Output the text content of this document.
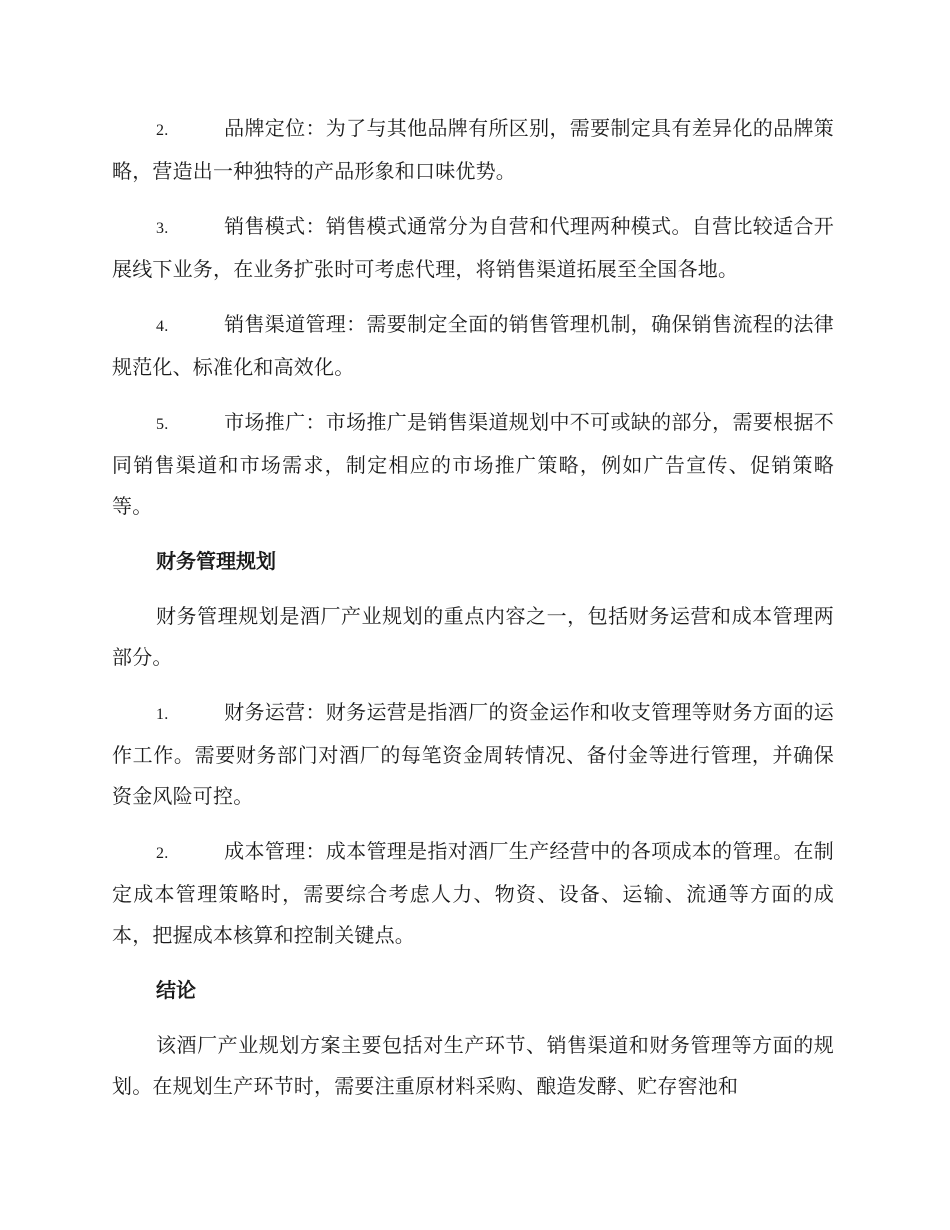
2.	品牌定位：为了与其他品牌有所区别，需要制定具有差异化的品牌策略，营造出一种独特的产品形象和口味优势。

3.	销售模式：销售模式通常分为自营和代理两种模式。自营比较适合开展线下业务，在业务扩张时可考虑代理，将销售渠道拓展至全国各地。

4.	销售渠道管理：需要制定全面的销售管理机制，确保销售流程的法律规范化、标准化和高效化。

5.	市场推广：市场推广是销售渠道规划中不可或缺的部分，需要根据不同销售渠道和市场需求，制定相应的市场推广策略，例如广告宣传、促销策略等。

财务管理规划

财务管理规划是酒厂产业规划的重点内容之一，包括财务运营和成本管理两部分。

1.	财务运营：财务运营是指酒厂的资金运作和收支管理等财务方面的运作工作。需要财务部门对酒厂的每笔资金周转情况、备付金等进行管理，并确保资金风险可控。

2.	成本管理：成本管理是指对酒厂生产经营中的各项成本的管理。在制定成本管理策略时，需要综合考虑人力、物资、设备、运输、流通等方面的成本，把握成本核算和控制关键点。

结论

该酒厂产业规划方案主要包括对生产环节、销售渠道和财务管理等方面的规划。在规划生产环节时，需要注重原材料采购、酿造发酵、贮存窖池和
